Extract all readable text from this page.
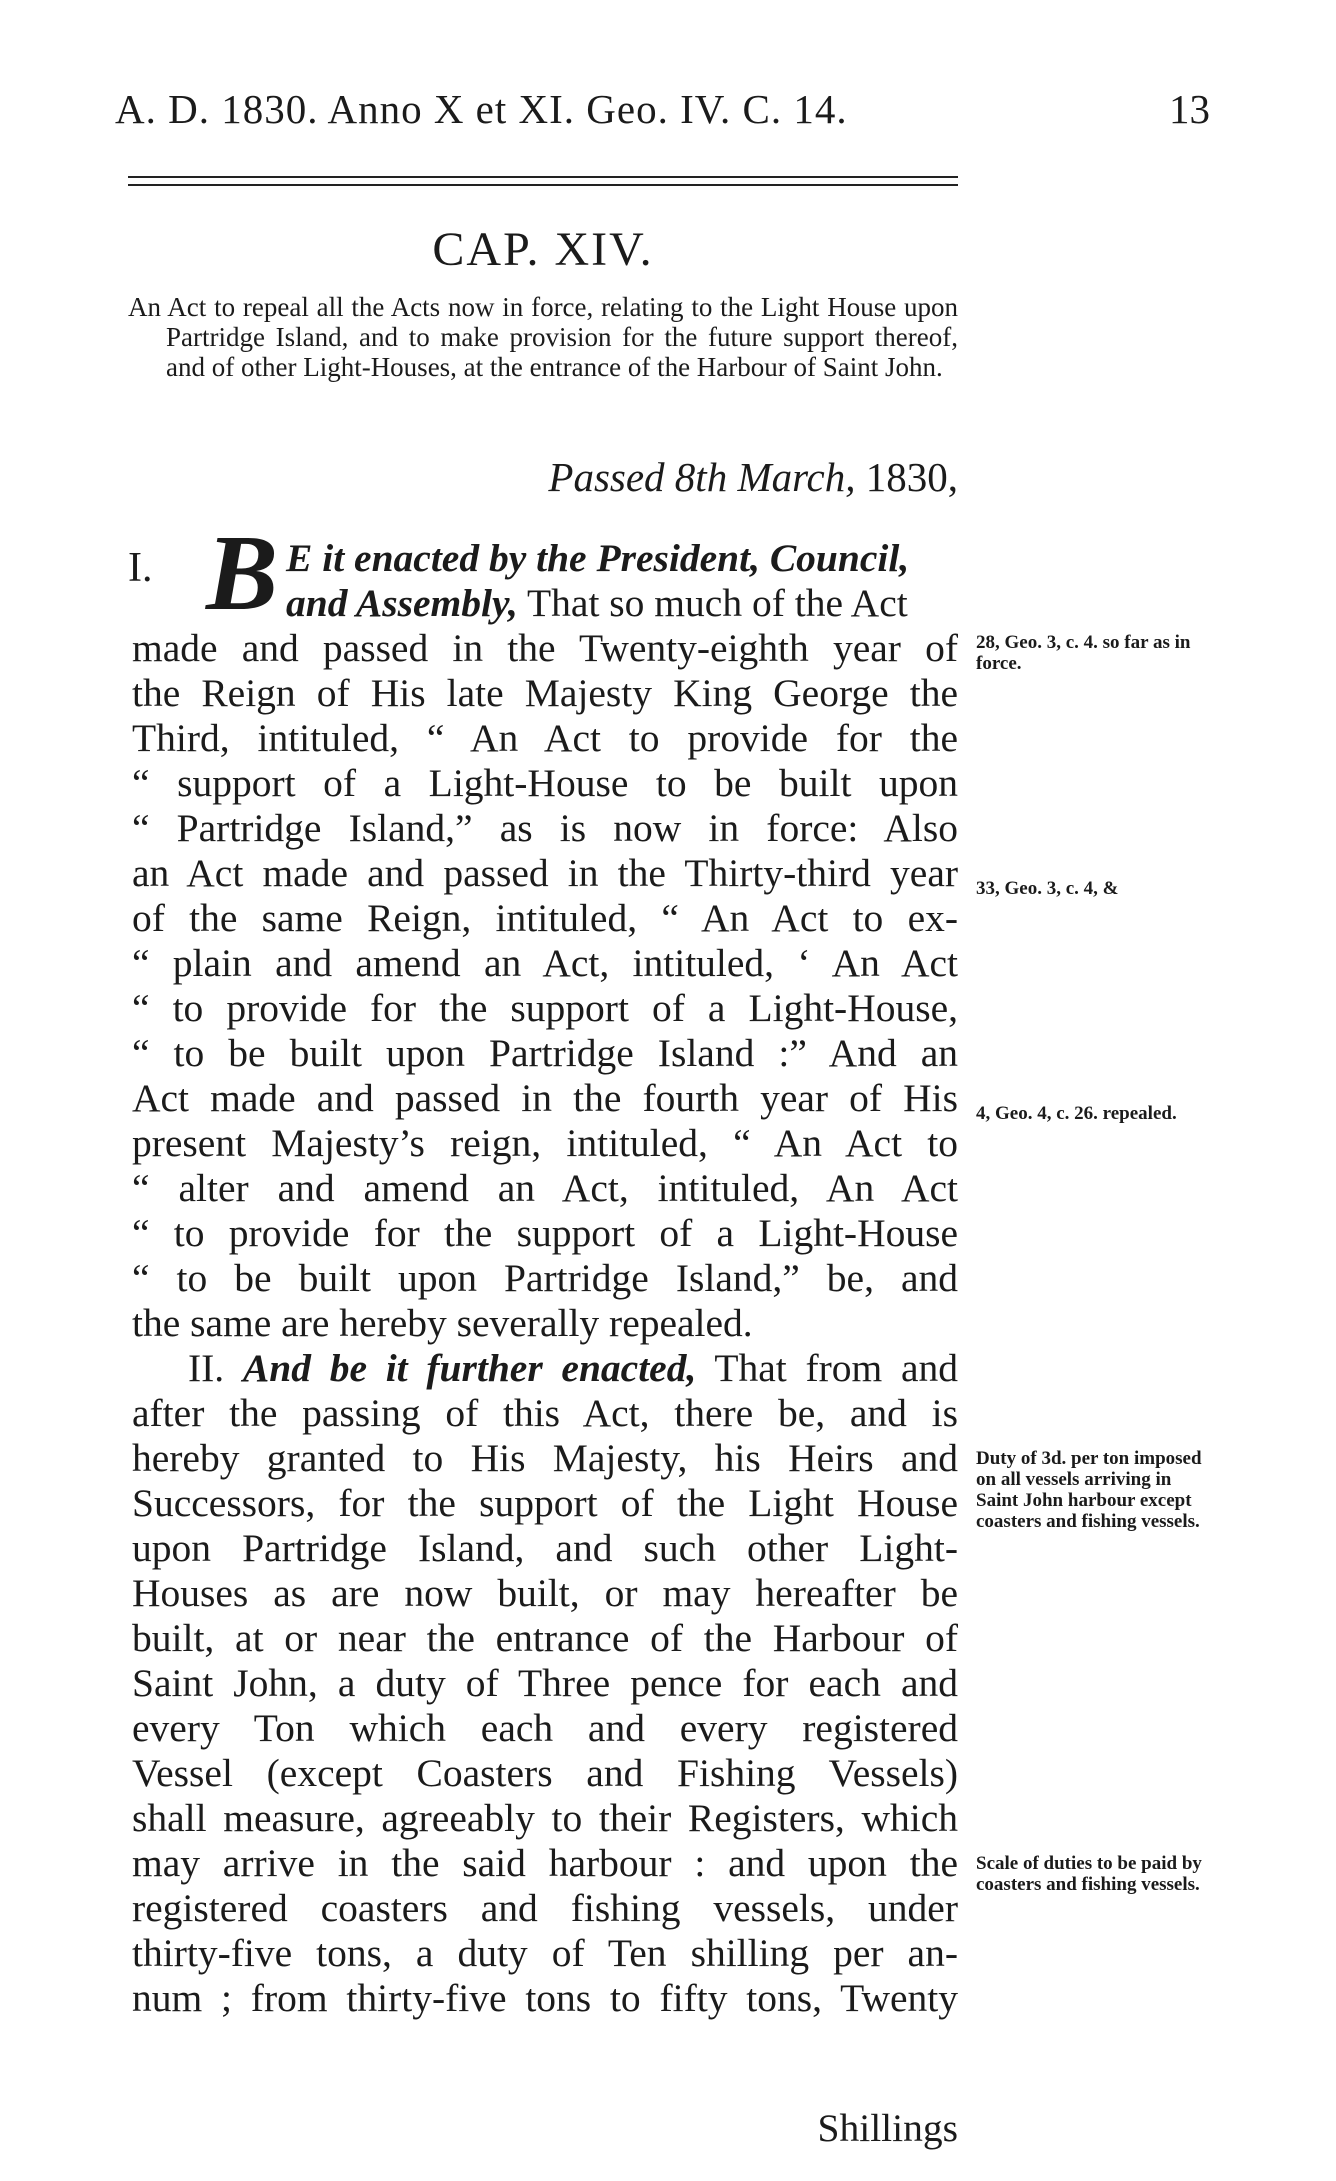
A. D. 1830. Anno X et XI. Geo. IV. C. 14.	13
CAP. XIV.
An Act to repeal all the Acts now in force, relating to the Light House upon Partridge Island, and to make provision for the future support thereof, and of other Light-Houses, at the entrance of the Harbour of Saint John.
Passed 8th March, 1830,
I. B E it enacted by the President, Council,
and Assembly, That so much of the Act
made and passed in the Twenty-eighth year of
the Reign of His late Majesty King George the
Third, intituled, “ An Act to provide for the
“ support of a Light-House to be built upon
“ Partridge Island,” as is now in force: Also
an Act made and passed in the Thirty-third year
of the same Reign, intituled, “ An Act to ex-
“ plain and amend an Act, intituled, ‘ An Act
“ to provide for the support of a Light-House,
“ to be built upon Partridge Island :” And an
Act made and passed in the fourth year of His
present Majesty’s reign, intituled, “ An Act to
“ alter and amend an Act, intituled, An Act
“ to provide for the support of a Light-House
“ to be built upon Partridge Island,” be, and
the same are hereby severally repealed.
II. And be it further enacted, That from and
after the passing of this Act, there be, and is
hereby granted to His Majesty, his Heirs and
Successors, for the support of the Light House
upon Partridge Island, and such other Light-
Houses as are now built, or may hereafter be
built, at or near the entrance of the Harbour of
Saint John, a duty of Three pence for each and
every Ton which each and every registered
Vessel (except Coasters and Fishing Vessels)
shall measure, agreeably to their Registers, which
may arrive in the said harbour : and upon the
registered coasters and fishing vessels, under
thirty-five tons, a duty of Ten shilling per an-
num ; from thirty-five tons to fifty tons, Twenty
28, Geo. 3, c. 4. so far as in force.
33, Geo. 3, c. 4, &
4, Geo. 4, c. 26. repealed.
Duty of 3d. per ton imposed on all vessels arriving in Saint John harbour except coasters and fishing vessels.
Scale of duties to be paid by coasters and fishing vessels.
Shillings
